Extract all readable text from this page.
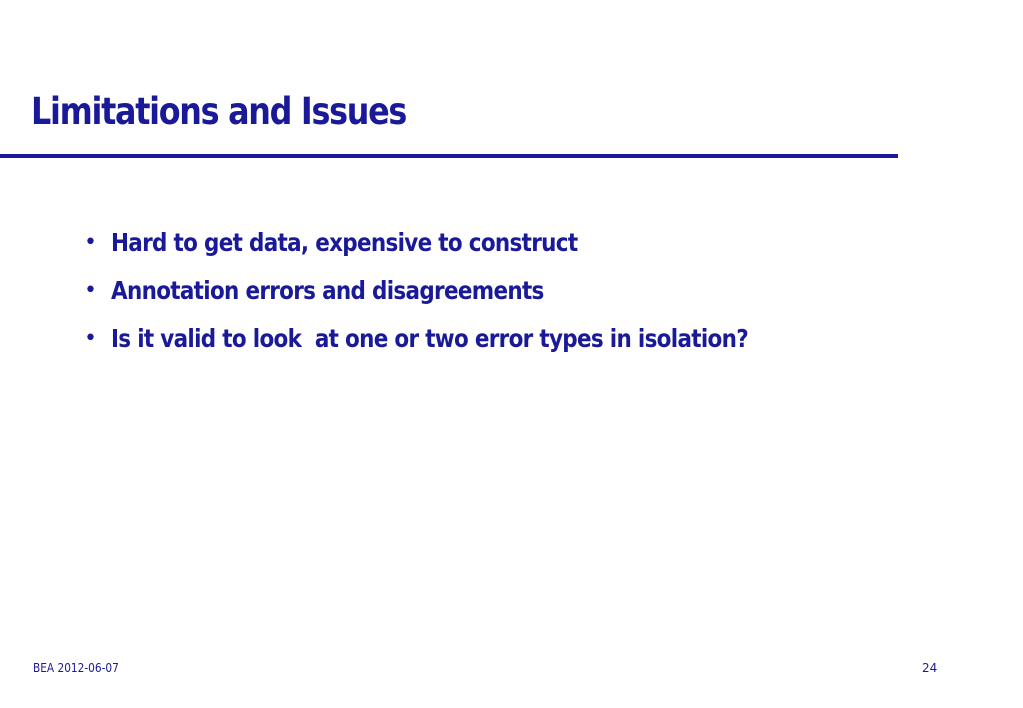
Limitations and Issues
• Hard to get data, expensive to construct
• Annotation errors and disagreements
• Is it valid to look  at one or two error types in isolation?
BEA 2012-06-07	24
